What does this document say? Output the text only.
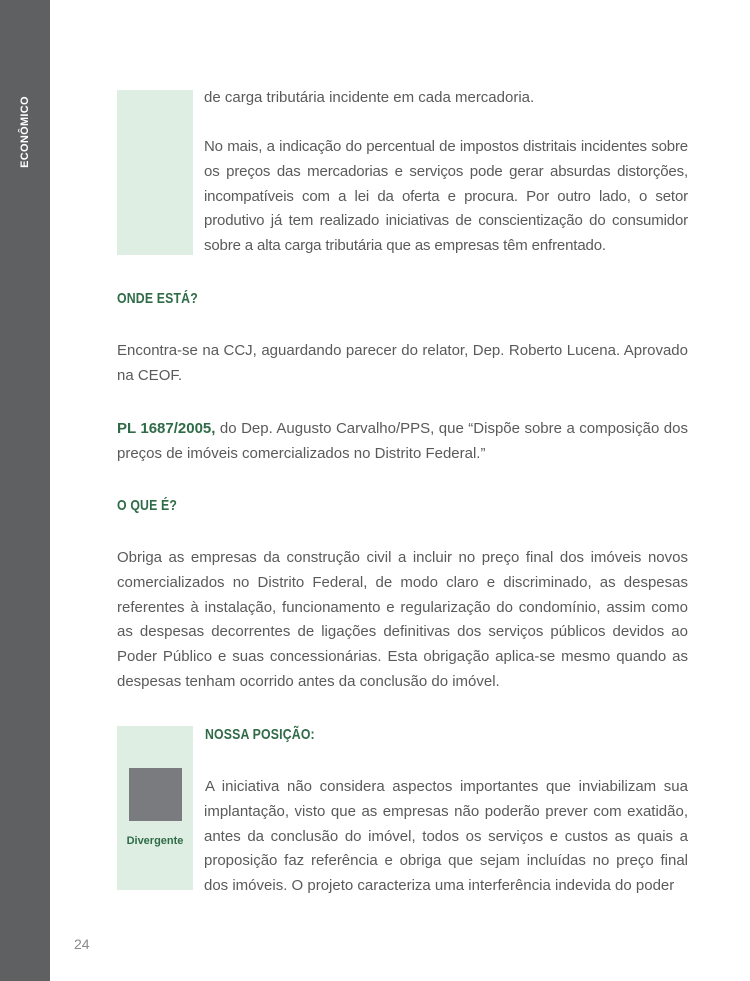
ECONÔMICO	de carga tributária incidente em cada mercadoria.

No mais, a indicação do percentual de impostos distritais incidentes sobre os preços das mercadorias e serviços pode gerar absurdas distorções, incompatíveis com a lei da oferta e procura. Por outro lado, o setor produtivo já tem realizado iniciativas de conscientização do consumidor sobre a alta carga tributária que as empresas têm enfrentado.

ONDE ESTÁ?

Encontra-se na CCJ, aguardando parecer do relator, Dep. Roberto Lucena. Aprovado na CEOF.

PL 1687/2005, do Dep. Augusto Carvalho/PPS, que “Dispõe sobre a composição dos preços de imóveis comercializados no Distrito Federal.”

O QUE É?

Obriga as empresas da construção civil a incluir no preço final dos imóveis novos comercializados no Distrito Federal, de modo claro e discriminado, as despesas referentes à instalação, funcionamento e regularização do condomínio, assim como as despesas decorrentes de ligações definitivas dos serviços públicos devidos ao Poder Público e suas concessionárias. Esta obrigação aplica-se mesmo quando as despesas tenham ocorrido antes da conclusão do imóvel.

Divergente

NOSSA POSIÇÃO:

A iniciativa não considera aspectos importantes que inviabilizam sua implantação, visto que as empresas não poderão prever com exatidão, antes da conclusão do imóvel, todos os serviços e custos as quais a proposição faz referência e obriga que sejam incluídas no preço final dos imóveis. O projeto caracteriza uma interferência indevida do poder

24
